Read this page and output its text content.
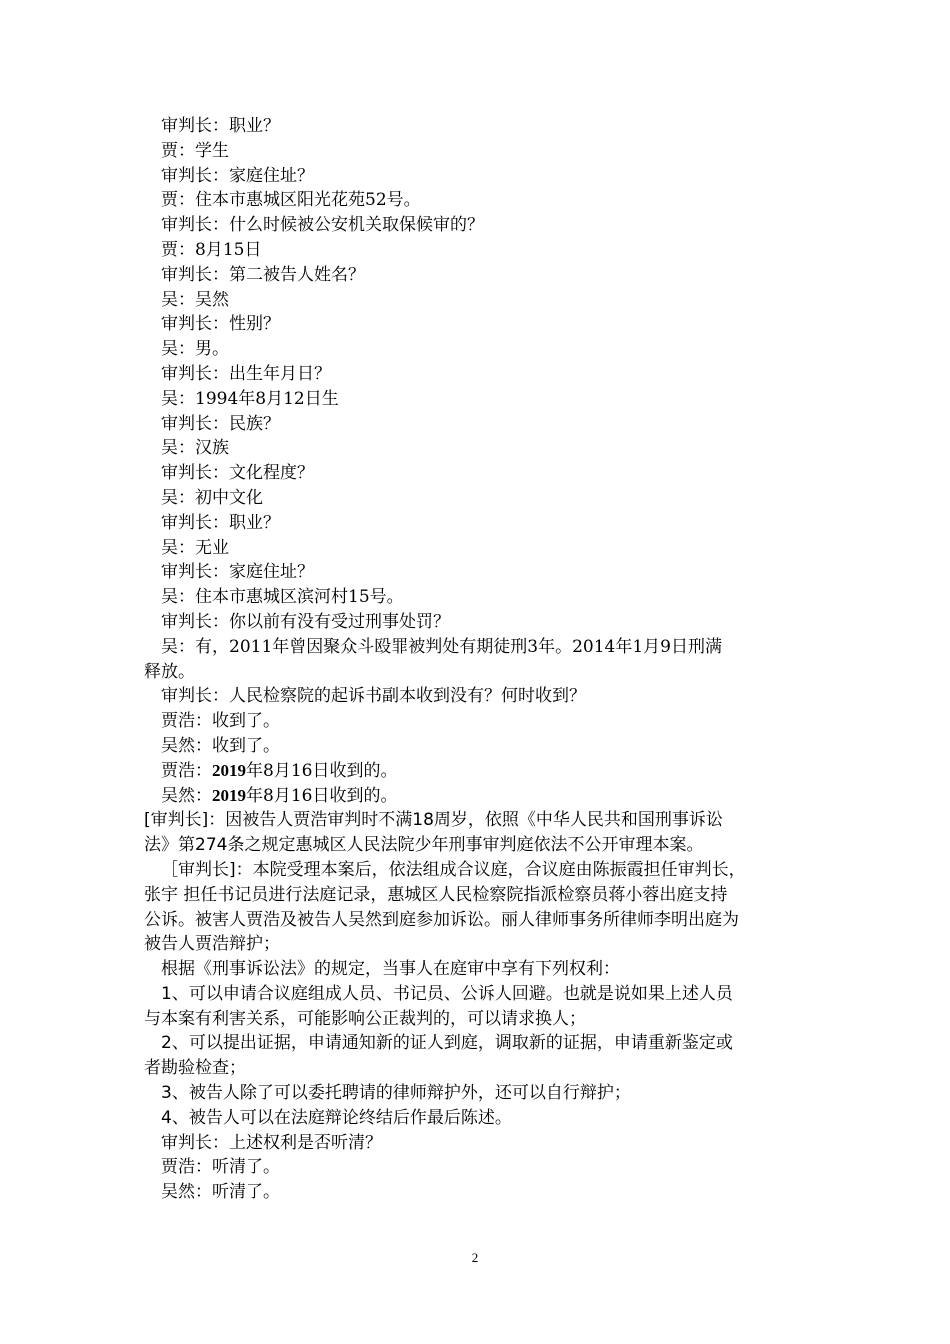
审判长：职业？
贾：学生
审判长：家庭住址？
贾：住本市惠城区阳光花苑52号。
审判长：什么时候被公安机关取保候审的？
贾：8月15日
审判长：第二被告人姓名？
吴：吴然
审判长：性别？
吴：男。
审判长：出生年月日？
吴：1994年8月12日生
审判长：民族？
吴：汉族
审判长：文化程度？
吴：初中文化
审判长：职业？
吴：无业
审判长：家庭住址？
吴：住本市惠城区滨河村15号。
审判长：你以前有没有受过刑事处罚？
吴：有，2011年曾因聚众斗殴罪被判处有期徒刑3年。2014年1月9日刑满
释放。
审判长：人民检察院的起诉书副本收到没有？何时收到？
贾浩：收到了。
吴然：收到了。
贾浩：2019年8月16日收到的。
吴然：2019年8月16日收到的。
[审判长]：因被告人贾浩审判时不满18周岁，依照《中华人民共和国刑事诉讼
法》第274条之规定惠城区人民法院少年刑事审判庭依法不公开审理本案。
［审判长]：本院受理本案后，依法组成合议庭，合议庭由陈振霞担任审判长，
张宇 担任书记员进行法庭记录，惠城区人民检察院指派检察员蒋小蓉出庭支持
公诉。被害人贾浩及被告人吴然到庭参加诉讼。丽人律师事务所律师李明出庭为
被告人贾浩辩护；
根据《刑事诉讼法》的规定，当事人在庭审中享有下列权利：
1、可以申请合议庭组成人员、书记员、公诉人回避。也就是说如果上述人员
与本案有利害关系，可能影响公正裁判的，可以请求换人；
2、可以提出证据，申请通知新的证人到庭，调取新的证据，申请重新鉴定或
者勘验检查；
3、被告人除了可以委托聘请的律师辩护外，还可以自行辩护；
4、被告人可以在法庭辩论终结后作最后陈述。
审判长：上述权利是否听清？
贾浩：听清了。
吴然：听清了。
2
